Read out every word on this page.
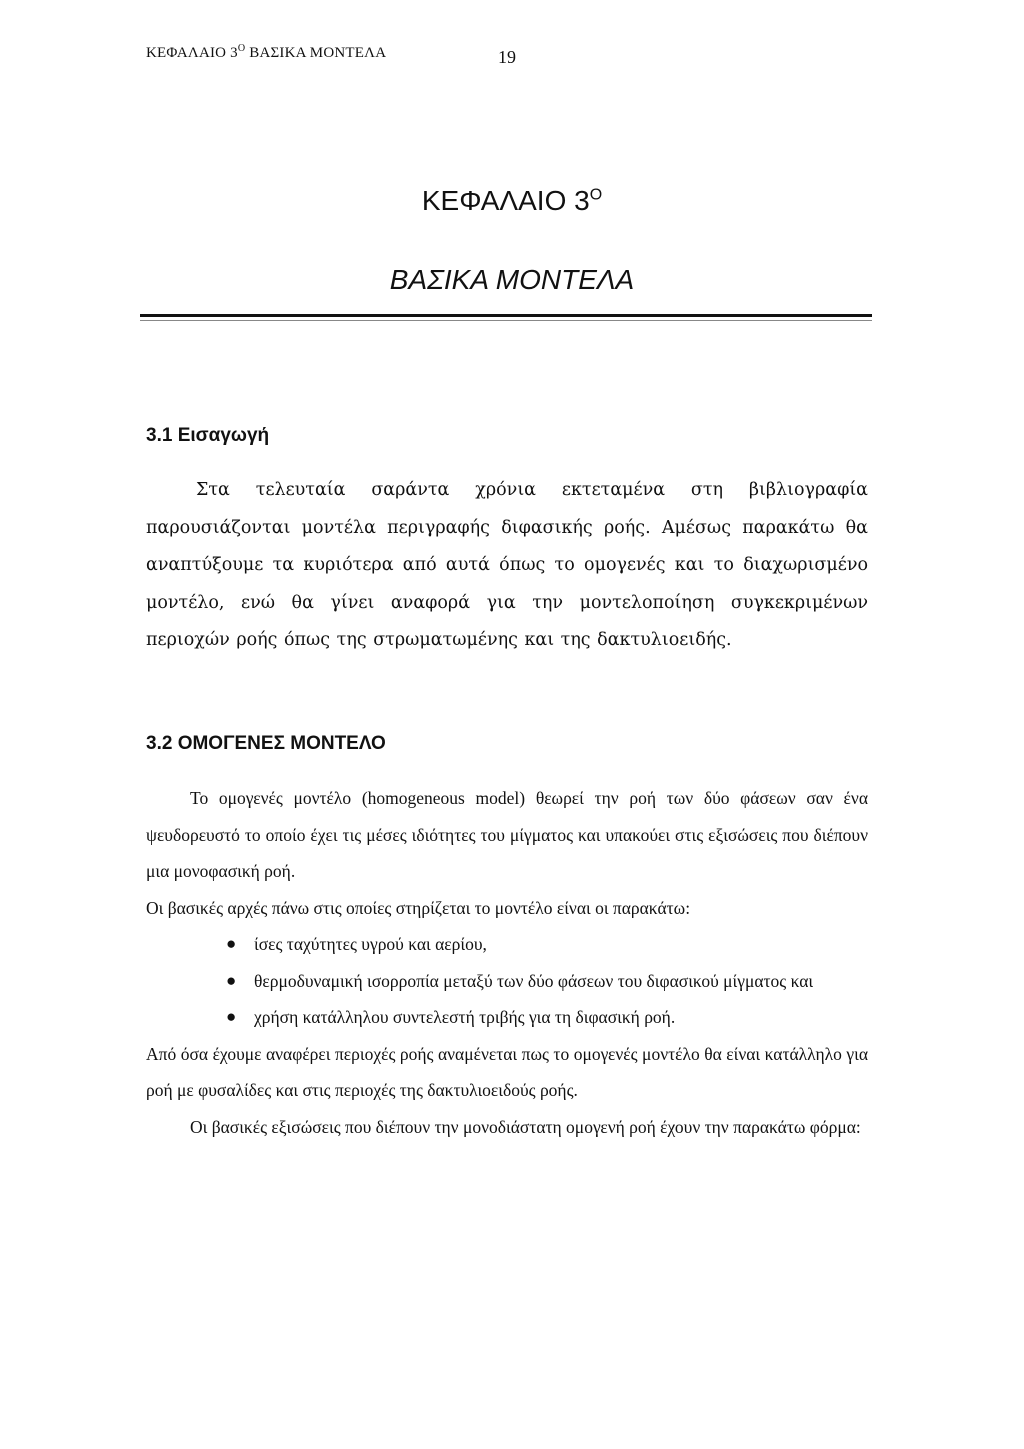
ΚΕΦΑΛΑΙΟ $3^O$ ΒΑΣΙΚΑ ΜΟΝΤΕΛΑ	19
ΚΕΦΑΛΑΙΟ $3^O$
ΒΑΣΙΚΑ ΜΟΝΤΕΛΑ
3.1 Εισαγωγή
Στα τελευταία σαράντα χρόνια εκτεταμένα στη βιβλιογραφία παρουσιάζονται μοντέλα περιγραφής διφασικής ροής. Αμέσως παρακάτω θα αναπτύξουμε τα κυριότερα από αυτά όπως το ομογενές και το διαχωρισμένο μοντέλο, ενώ θα γίνει αναφορά για την μοντελοποίηση συγκεκριμένων περιοχών ροής όπως της στρωματωμένης και της δακτυλιοειδής.
3.2 ΟΜΟΓΕΝΕΣ ΜΟΝΤΕΛΟ

Το ομογενές μοντέλο (homogeneous model) θεωρεί την ροή των δύο φάσεων σαν ένα ψευδορευστό το οποίο έχει τις μέσες ιδιότητες του μίγματος και υπακούει στις εξισώσεις που διέπουν μια μονοφασική ροή.

Οι βασικές αρχές πάνω στις οποίες στηρίζεται το μοντέλο είναι οι παρακάτω:

● ίσες ταχύτητες υγρού και αερίου,
● θερμοδυναμική ισορροπία μεταξύ των δύο φάσεων του διφασικού μίγματος και
● χρήση κατάλληλου συντελεστή τριβής για τη διφασική ροή.

Από όσα έχουμε αναφέρει περιοχές ροής αναμένεται πως το ομογενές μοντέλο θα είναι κατάλληλο για ροή με φυσαλίδες και στις περιοχές της δακτυλιοειδούς ροής.

Οι βασικές εξισώσεις που διέπουν την μονοδιάστατη ομογενή ροή έχουν την παρακάτω φόρμα:
